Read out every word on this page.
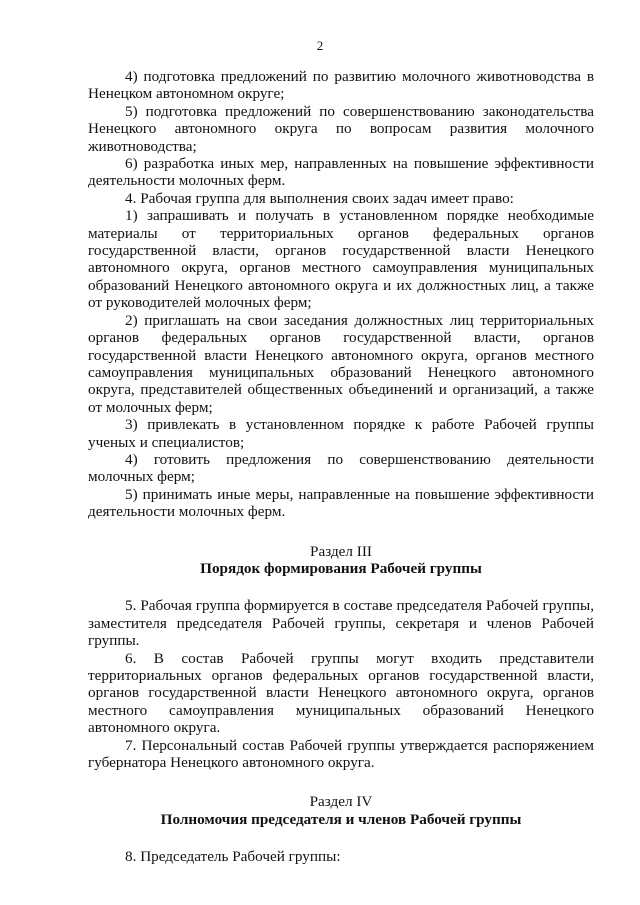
2

4) подготовка предложений по развитию молочного животноводства в Ненецком автономном округе;

5) подготовка предложений по совершенствованию законодательства Ненецкого автономного округа по вопросам развития молочного животноводства;

6) разработка иных мер, направленных на повышение эффективности деятельности молочных ферм.

4. Рабочая группа для выполнения своих задач имеет право:

1) запрашивать и получать в установленном порядке необходимые материалы от территориальных органов федеральных органов государственной власти, органов государственной власти Ненецкого автономного округа, органов местного самоуправления муниципальных образований Ненецкого автономного округа и их должностных лиц, а также от руководителей молочных ферм;

2) приглашать на свои заседания должностных лиц территориальных органов федеральных органов государственной власти, органов государственной власти Ненецкого автономного округа, органов местного самоуправления муниципальных образований Ненецкого автономного округа, представителей общественных объединений и организаций, а также от молочных ферм;

3) привлекать в установленном порядке к работе Рабочей группы ученых и специалистов;

4) готовить предложения по совершенствованию деятельности молочных ферм;

5) принимать иные меры, направленные на повышение эффективности деятельности молочных ферм.

Раздел III

Порядок формирования Рабочей группы

5. Рабочая группа формируется в составе председателя Рабочей группы, заместителя председателя Рабочей группы, секретаря и членов Рабочей группы.

6. В состав Рабочей группы могут входить представители территориальных органов федеральных органов государственной власти, органов государственной власти Ненецкого автономного округа, органов местного самоуправления муниципальных образований Ненецкого автономного округа.

7. Персональный состав Рабочей группы утверждается распоряжением губернатора Ненецкого автономного округа.

Раздел IV

Полномочия председателя и членов Рабочей группы

8. Председатель Рабочей группы:
